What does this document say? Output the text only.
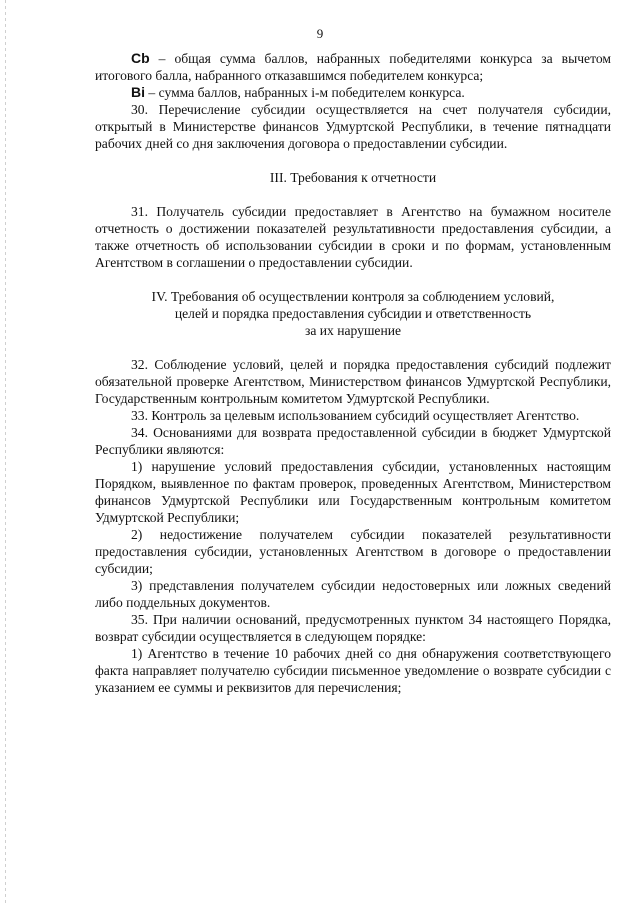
9

Cb – общая сумма баллов, набранных победителями конкурса за вычетом итогового балла, набранного отказавшимся победителем конкурса;

Bi – сумма баллов, набранных i-м победителем конкурса.

30. Перечисление субсидии осуществляется на счет получателя субсидии, открытый в Министерстве финансов Удмуртской Республики, в течение пятнадцати рабочих дней со дня заключения договора о предоставлении субсидии.

III. Требования к отчетности

31. Получатель субсидии предоставляет в Агентство на бумажном носителе отчетность о достижении показателей результативности предоставления субсидии, а также отчетность об использовании субсидии в сроки и по формам, установленным Агентством в соглашении о предоставлении субсидии.

IV. Требования об осуществлении контроля за соблюдением условий,

целей и порядка предоставления субсидии и ответственность

за их нарушение

32. Соблюдение условий, целей и порядка предоставления субсидий подлежит обязательной проверке Агентством, Министерством финансов Удмуртской Республики, Государственным контрольным комитетом Удмуртской Республики.

33. Контроль за целевым использованием субсидий осуществляет Агентство.

34. Основаниями для возврата предоставленной субсидии в бюджет Удмуртской Республики являются:

1) нарушение условий предоставления субсидии, установленных настоящим Порядком, выявленное по фактам проверок, проведенных Агентством, Министерством финансов Удмуртской Республики или Государственным контрольным комитетом Удмуртской Республики;

2) недостижение получателем субсидии показателей результативности предоставления субсидии, установленных Агентством в договоре о предоставлении субсидии;

3) представления получателем субсидии недостоверных или ложных сведений либо поддельных документов.

35. При наличии оснований, предусмотренных пунктом 34 настоящего Порядка, возврат субсидии осуществляется в следующем порядке:

1) Агентство в течение 10 рабочих дней со дня обнаружения соответствующего факта направляет получателю субсидии письменное уведомление о возврате субсидии с указанием ее суммы и реквизитов для перечисления;
